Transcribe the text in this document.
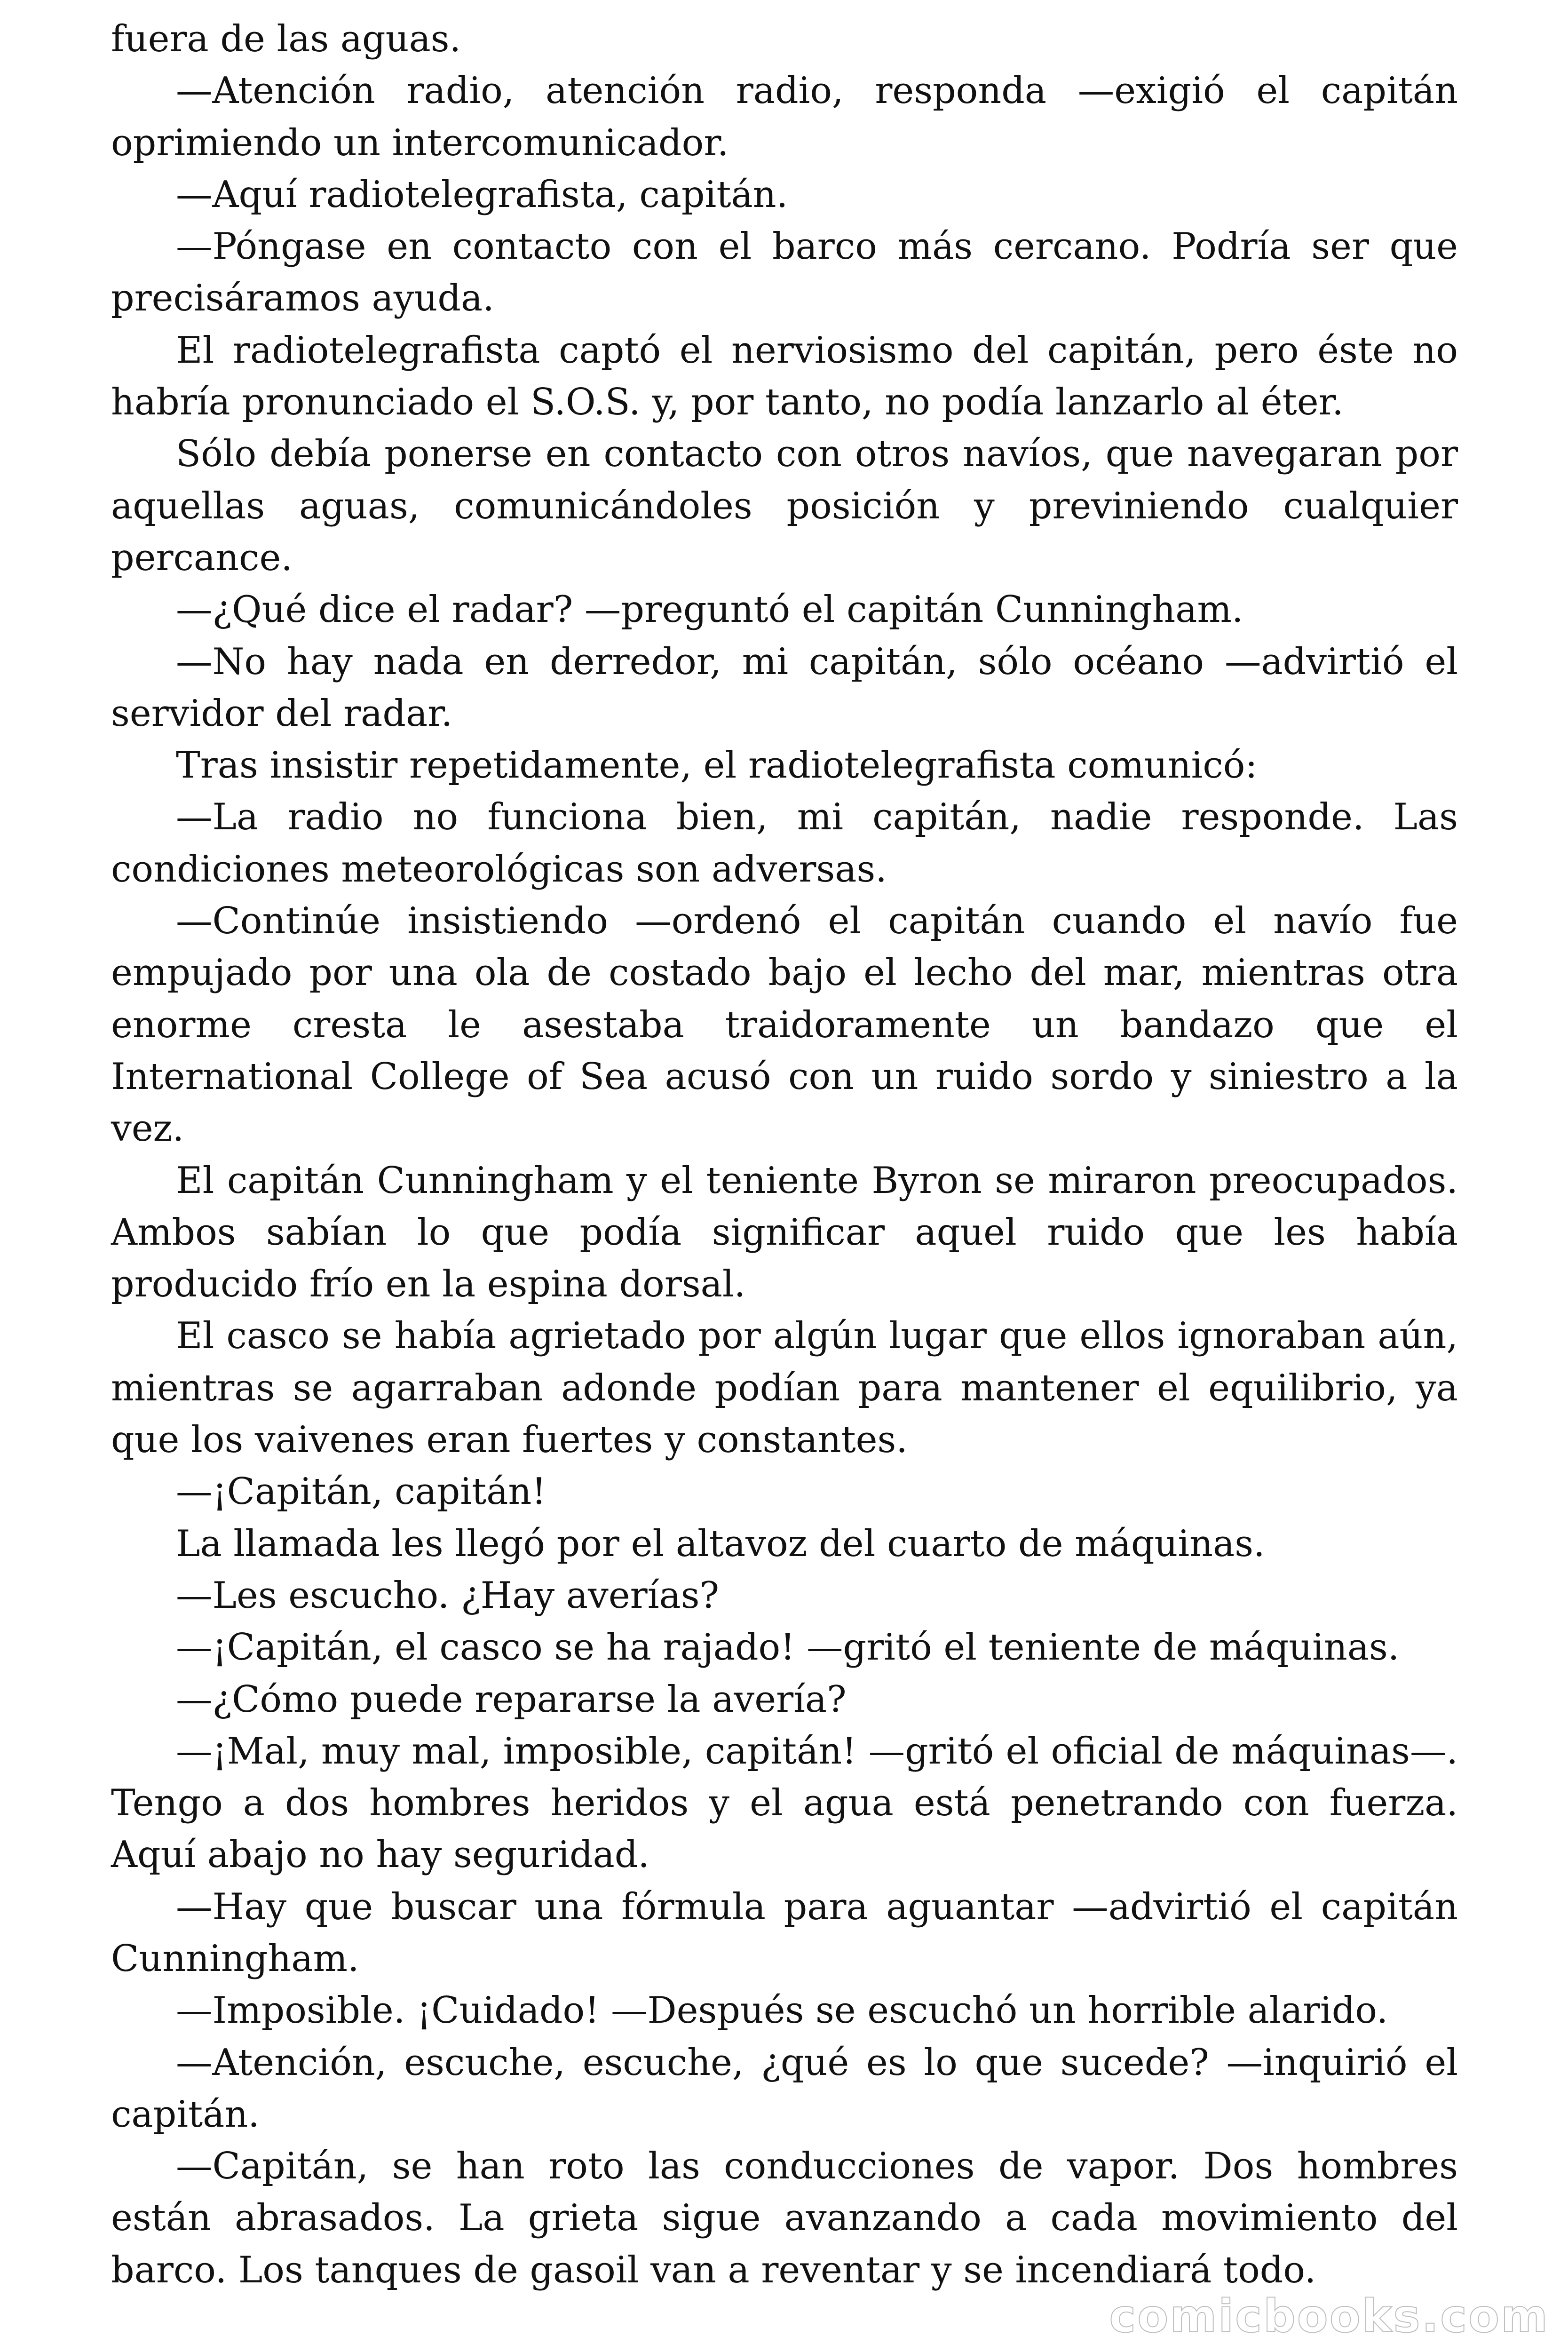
fuera de las aguas.

—Atención radio, atención radio, responda —exigió el capitán oprimiendo un intercomunicador.

—Aquí radiotelegrafista, capitán.

—Póngase en contacto con el barco más cercano. Podría ser que precisáramos ayuda.

El radiotelegrafista captó el nerviosismo del capitán, pero éste no habría pronunciado el S.O.S. y, por tanto, no podía lanzarlo al éter.

Sólo debía ponerse en contacto con otros navíos, que navegaran por aquellas aguas, comunicándoles posición y previniendo cualquier percance.

—¿Qué dice el radar? —preguntó el capitán Cunningham.

—No hay nada en derredor, mi capitán, sólo océano —advirtió el servidor del radar.

Tras insistir repetidamente, el radiotelegrafista comunicó:

—La radio no funciona bien, mi capitán, nadie responde. Las condiciones meteorológicas son adversas.

—Continúe insistiendo —ordenó el capitán cuando el navío fue empujado por una ola de costado bajo el lecho del mar, mientras otra enorme cresta le asestaba traidoramente un bandazo que el International College of Sea acusó con un ruido sordo y siniestro a la vez.

El capitán Cunningham y el teniente Byron se miraron preocupados. Ambos sabían lo que podía significar aquel ruido que les había producido frío en la espina dorsal.

El casco se había agrietado por algún lugar que ellos ignoraban aún, mientras se agarraban adonde podían para mantener el equilibrio, ya que los vaivenes eran fuertes y constantes.

—¡Capitán, capitán!

La llamada les llegó por el altavoz del cuarto de máquinas.

—Les escucho. ¿Hay averías?

—¡Capitán, el casco se ha rajado! —gritó el teniente de máquinas.

—¿Cómo puede repararse la avería?

—¡Mal, muy mal, imposible, capitán! —gritó el oficial de máquinas—. Tengo a dos hombres heridos y el agua está penetrando con fuerza. Aquí abajo no hay seguridad.

—Hay que buscar una fórmula para aguantar —advirtió el capitán Cunningham.

—Imposible. ¡Cuidado! —Después se escuchó un horrible alarido.

—Atención, escuche, escuche, ¿qué es lo que sucede? —inquirió el capitán.

—Capitán, se han roto las conducciones de vapor. Dos hombres están abrasados. La grieta sigue avanzando a cada movimiento del barco. Los tanques de gasoil van a reventar y se incendiará todo.

comicbooks.com
